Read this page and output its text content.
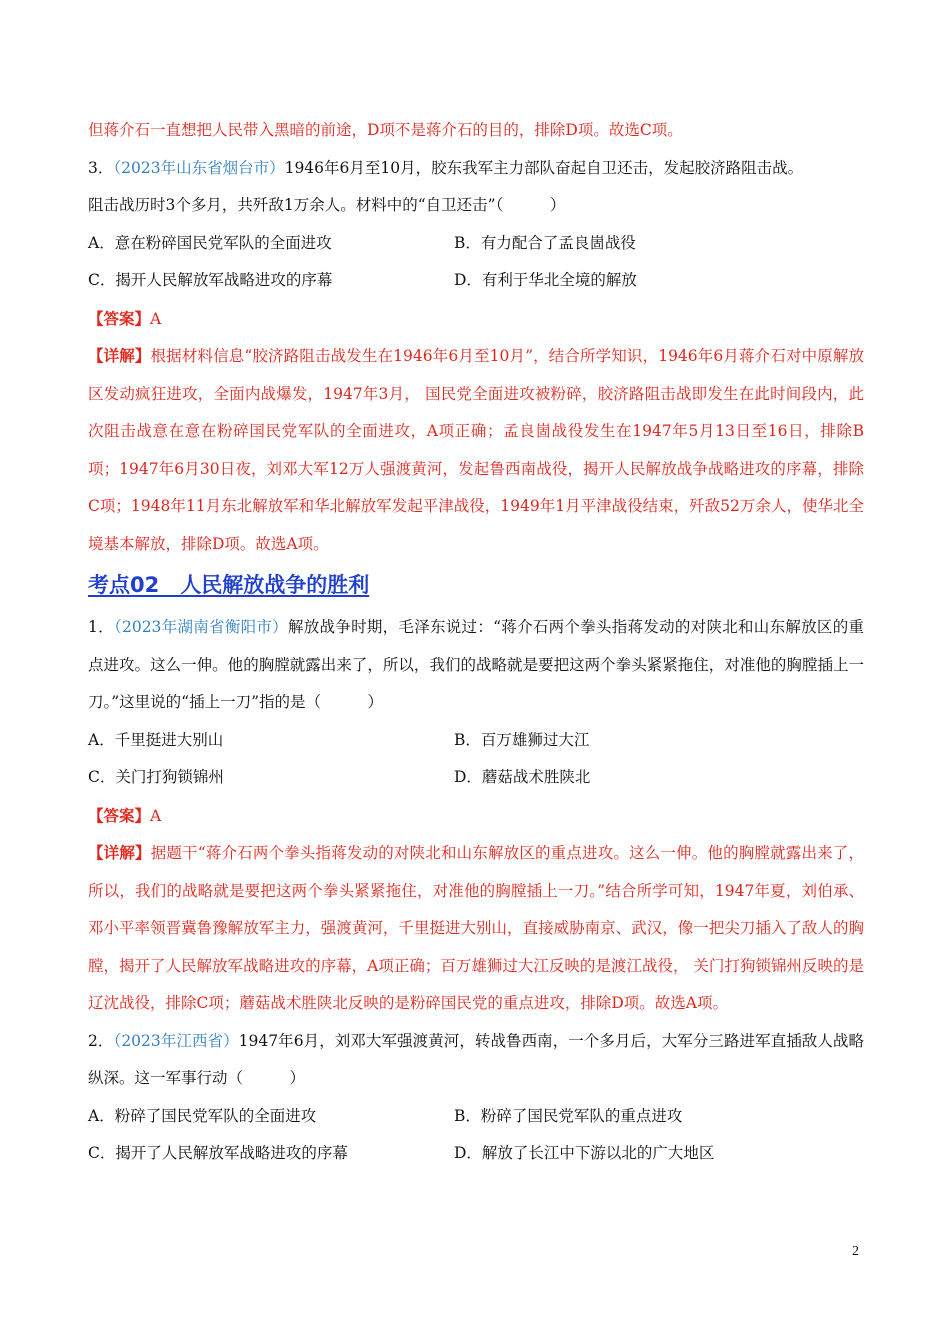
但蒋介石一直想把人民带入黑暗的前途，D项不是蒋介石的目的，排除D项。故选C项。
3．（2023年山东省烟台市）1946年6月至10月，胶东我军主力部队奋起自卫还击，发起胶济路阻击战。
阻击战历时3个多月，共歼敌1万余人。材料中的“自卫还击”（　　　）
A．意在粉碎国民党军队的全面进攻	B．有力配合了孟良崮战役
C．揭开人民解放军战略进攻的序幕	D．有利于华北全境的解放
【答案】A
【详解】根据材料信息“胶济路阻击战发生在1946年6月至10月”，结合所学知识，1946年6月蒋介石对中原解放区发动疯狂进攻，全面内战爆发，1947年3月， 国民党全面进攻被粉碎，胶济路阻击战即发生在此时间段内，此次阻击战意在意在粉碎国民党军队的全面进攻，A项正确；孟良崮战役发生在1947年5月13日至16日，排除B项；1947年6月30日夜，刘邓大军12万人强渡黄河，发起鲁西南战役，揭开人民解放战争战略进攻的序幕，排除C项；1948年11月东北解放军和华北解放军发起平津战役，1949年1月平津战役结束，歼敌52万余人，使华北全境基本解放，排除D项。故选A项。
考点02　人民解放战争的胜利
1．（2023年湖南省衡阳市）解放战争时期，毛泽东说过：“蒋介石两个拳头指蒋发动的对陕北和山东解放区的重点进攻。这么一伸。他的胸膛就露出来了，所以，我们的战略就是要把这两个拳头紧紧拖住，对准他的胸膛插上一刀。”这里说的“插上一刀”指的是（　　　）
A．千里挺进大别山	B．百万雄狮过大江
C．关门打狗锁锦州	D．蘑菇战术胜陕北
【答案】A
【详解】据题干“蒋介石两个拳头指蒋发动的对陕北和山东解放区的重点进攻。这么一伸。他的胸膛就露出来了，所以，我们的战略就是要把这两个拳头紧紧拖住，对准他的胸膛插上一刀。”结合所学可知，1947年夏，刘伯承、邓小平率领晋冀鲁豫解放军主力，强渡黄河，千里挺进大别山，直接威胁南京、武汉，像一把尖刀插入了敌人的胸膛，揭开了人民解放军战略进攻的序幕，A项正确；百万雄狮过大江反映的是渡江战役， 关门打狗锁锦州反映的是辽沈战役，排除C项；蘑菇战术胜陕北反映的是粉碎国民党的重点进攻，排除D项。故选A项。
2．（2023年江西省）1947年6月，刘邓大军强渡黄河，转战鲁西南，一个多月后，大军分三路进军直插敌人战略纵深。这一军事行动（　　　）
A．粉碎了国民党军队的全面进攻	B．粉碎了国民党军队的重点进攻
C．揭开了人民解放军战略进攻的序幕	D．解放了长江中下游以北的广大地区
2
